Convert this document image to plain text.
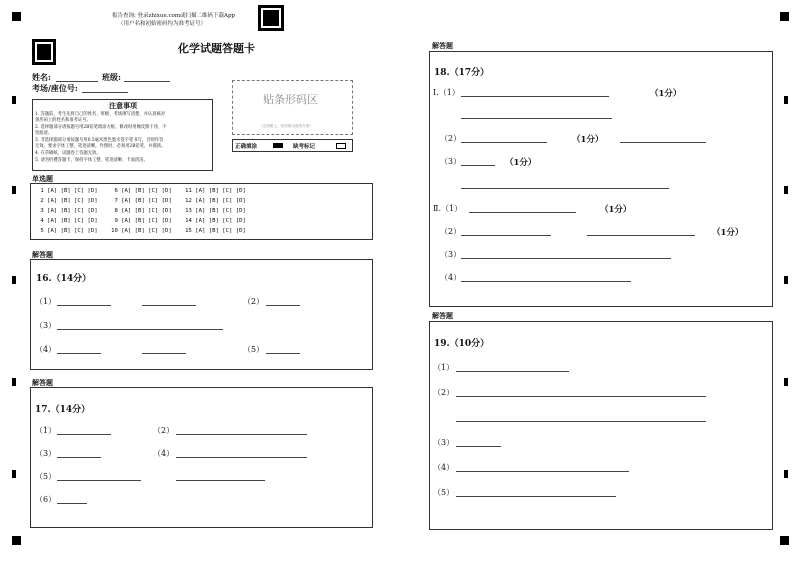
报告查询: 登录zhixue.com或扫描二维码下载App
（用户名和初始密码均为准考证号）
化学试题答题卡
姓名:	班级:
考场/座位号:
注意事项
1. 答题前，考生先将自己的姓名、班级、考场填写清楚，并认真核对
条形码上的姓名和准考证号。
2. 选择题部分请按题号用2B铅笔填涂方框，修改时用橡皮擦干净，不
留痕迹。
3. 非选择题部分请按题号用0.5毫米黑色墨水签字笔书写，否则作答
无效。要求字体工整、笔迹清晰。作图时，必须用2B铅笔，并描浓。
4. 在草稿纸、试题卷上答题无效。
5. 请勿折叠答题卡，保持字体工整、笔迹清晰、卡面清洁。
贴条形码区
（正面朝上，切勿贴出虚线方框）
正确填涂	缺考标记
单选题
1 [A] [B] [C] [D]     6 [A] [B] [C] [D]    11 [A] [B] [C] [D]
2 [A] [B] [C] [D]     7 [A] [B] [C] [D]    12 [A] [B] [C] [D]
3 [A] [B] [C] [D]     8 [A] [B] [C] [D]    13 [A] [B] [C] [D]
4 [A] [B] [C] [D]     9 [A] [B] [C] [D]    14 [A] [B] [C] [D]
5 [A] [B] [C] [D]    10 [A] [B] [C] [D]    15 [A] [B] [C] [D]
解答题
16.（14分）
（1）	（2）
（3）
（4）	（5）
解答题
17.（14分）
（1）	（2）
（3）	（4）
（5）
（6）
解答题
18.（17分）
Ⅰ.（1）	（1分）
（2）	（1分）
（3）	（1分）
Ⅱ.（1）	（1分）
（2）	（1分）
（3）
（4）
解答题
19.（10分）
（1）
（2）
（3）
（4）
（5）
